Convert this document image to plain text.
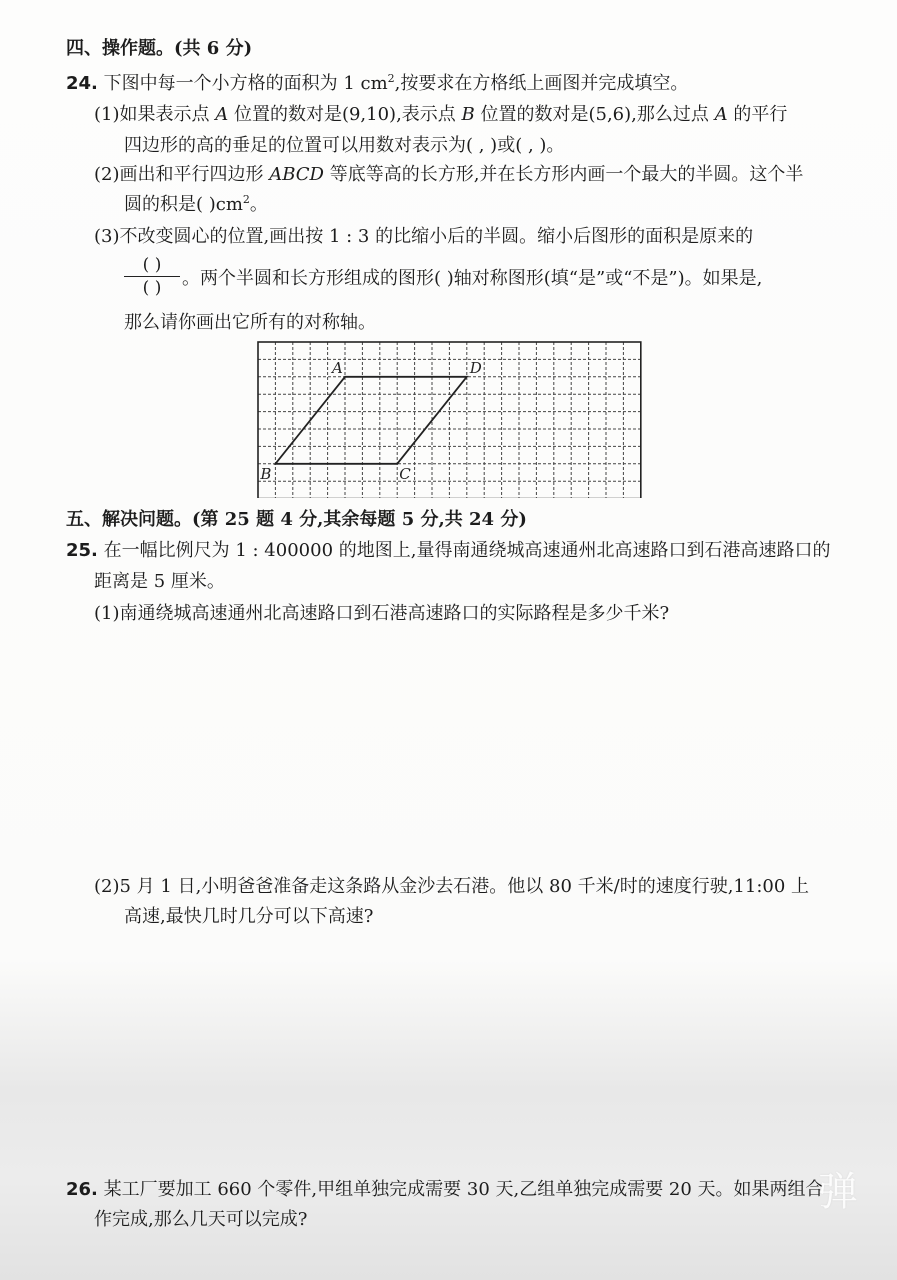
四、操作题。(共 6 分)
24. 下图中每一个小方格的面积为 1 $cm^2$,按要求在方格纸上画图并完成填空。
(1)如果表示点 A 位置的数对是(9,10),表示点 B 位置的数对是(5,6),那么过点 A 的平行
四边形的高的垂足的位置可以用数对表示为( , )或( , )。
(2)画出和平行四边形 ABCD 等底等高的长方形,并在长方形内画一个最大的半圆。这个半
圆的积是( )$cm^2$。
(3)不改变圆心的位置,画出按 1 : 3 的比缩小后的半圆。缩小后图形的面积是原来的
( )
( )	。两个半圆和长方形组成的图形( )轴对称图形(填“是”或“不是”)。如果是,
那么请你画出它所有的对称轴。
A	D
B	C
五、解决问题。(第 25 题 4 分,其余每题 5 分,共 24 分)
25. 在一幅比例尺为 1 : 400000 的地图上,量得南通绕城高速通州北高速路口到石港高速路口的
距离是 5 厘米。
(1)南通绕城高速通州北高速路口到石港高速路口的实际路程是多少千米?
(2)5 月 1 日,小明爸爸准备走这条路从金沙去石港。他以 80 千米/时的速度行驶,11:00 上
高速,最快几时几分可以下高速?
26. 某工厂要加工 660 个零件,甲组单独完成需要 30 天,乙组单独完成需要 20 天。如果两组合
作完成,那么几天可以完成?
弹
